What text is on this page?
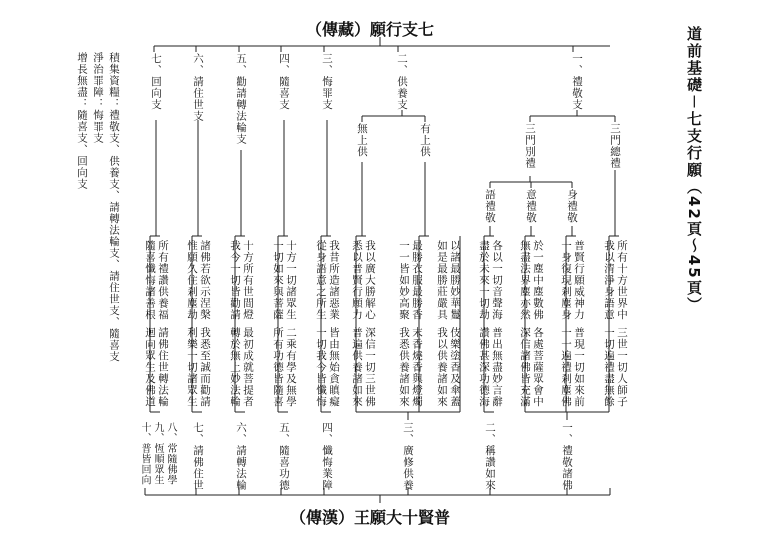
（傳藏）願行支七
（傳漢）王願大十賢普
道前基礎－七支行願（42頁～45頁）
積集資糧：禮敬支、供養支、請轉法輪支、請住世支、隨喜支
淨治罪障：悔罪支
增長無盡：隨喜支、回向支	七、回向支	六、請住世支	五、勸請轉法輪支	四、隨喜支	三、悔罪支	二、供養支	一、禮敬支
無上供	有上供	三門別禮	三門總禮
語禮敬	意禮敬	身禮敬
隨喜懺悔諸善根 所有禮讚供養福
迴向眾生及佛道 請佛住世轉法輪
惟願久住剎塵劫 諸佛若欲示涅槃
利樂一切諸眾生 我悉至誠而勸請
我今一切皆勸請 十方所有世間燈
轉於無上妙法輪 最初成就菩提者
一切如來與菩薩 十方一切諸眾生
所有功德皆隨喜 二乘有學及無學
從身語意之所生 我昔所造諸惡業
一切我今皆懺悔 皆由無始貪瞋癡
悉以普賢行願力 我以廣大勝解心
普遍供養諸如來 深信一切三世佛
一一皆如妙高聚 最勝衣服最勝香
我悉供養諸如來 末香燒香與燈燭
如是最勝莊嚴具 以諸最勝妙華鬘
我以供養諸如來 伎樂塗香及傘蓋
盡於未來一切劫 各以一切音聲海
讚佛甚深功德海 普出無盡妙言辭
無盡法界塵亦然 於一塵中塵數佛
深信諸佛皆充滿 各處菩薩眾會中
一身復現剎塵身 普賢行願威神力
一一遍禮剎塵佛 普現一切如來前
我以清淨身語意 所有十方世界中
一切遍禮盡無餘 三世一切人師子
八、常隨佛學　九、恆順眾生　十、普皆回向	七、請佛住世	六、請轉法輪	五、隨喜功德	四、懺悔業障	三、廣修供養	二、稱讚如來	一、禮敬諸佛
